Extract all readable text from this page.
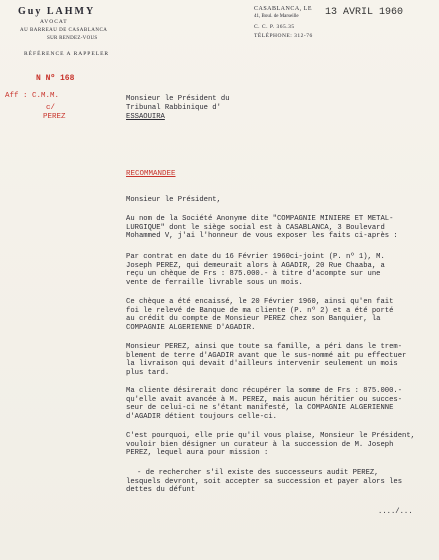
Guy LAHMY
AVOCAT
AU BARREAU DE CASABLANCA
SUR RENDEZ-VOUS
RÉFÉRENCE A RAPPELER
CASABLANCA, LE
41, Boul. de Marseille
C. C. P. 365.35
TÉLÉPHONE: 312-76
13 AVRIL 1960
N Nº 168
Aff : C.M.M.
c/
PEREZ
Monsieur le Président du
Tribunal Rabbinique d'
ESSAOUIRA
RECOMMANDEE
Monsieur le Président,
Au nom de la Société Anonyme dite "COMPAGNIE MINIERE ET METAL-
LURGIQUE" dont le siège social est à CASABLANCA, 3 Boulevard
Mohammed V, j'ai l'honneur de vous exposer les faits ci-après :
Par contrat en date du 16 Février 1960ci-joint (P. nº 1), M.
Joseph PEREZ, qui demeurait alors à AGADIR, 20 Rue Chaaba, a
reçu un chèque de Frs : 875.000.- à titre d'acompte sur une
vente de ferraille livrable sous un mois.
Ce chèque a été encaissé, le 20 Février 1960, ainsi qu'en fait
foi le relevé de Banque de ma cliente (P. nº 2) et a été porté
au crédit du compte de Monsieur PEREZ chez son Banquier, la
COMPAGNIE ALGERIENNE D'AGADIR.
Monsieur PEREZ, ainsi que toute sa famille, a péri dans le trem-
blement de terre d'AGADIR avant que le sus-nommé ait pu effectuer
la livraison qui devait d'ailleurs intervenir seulement un mois
plus tard.
Ma cliente désirerait donc récupérer la somme de Frs : 875.000.-
qu'elle avait avancée à M. PEREZ, mais aucun héritier ou succes-
seur de celui-ci ne s'étant manifesté, la COMPAGNIE ALGERIENNE
d'AGADIR détient toujours celle-ci.
C'est pourquoi, elle prie qu'il vous plaise, Monsieur le Président,
vouloir bien désigner un curateur à la succession de M. Joseph
PEREZ, lequel aura pour mission :
- de rechercher s'il existe des successeurs audit PEREZ,
lesquels devront, soit accepter sa succession et payer alors les
dettes du défunt
..../...
